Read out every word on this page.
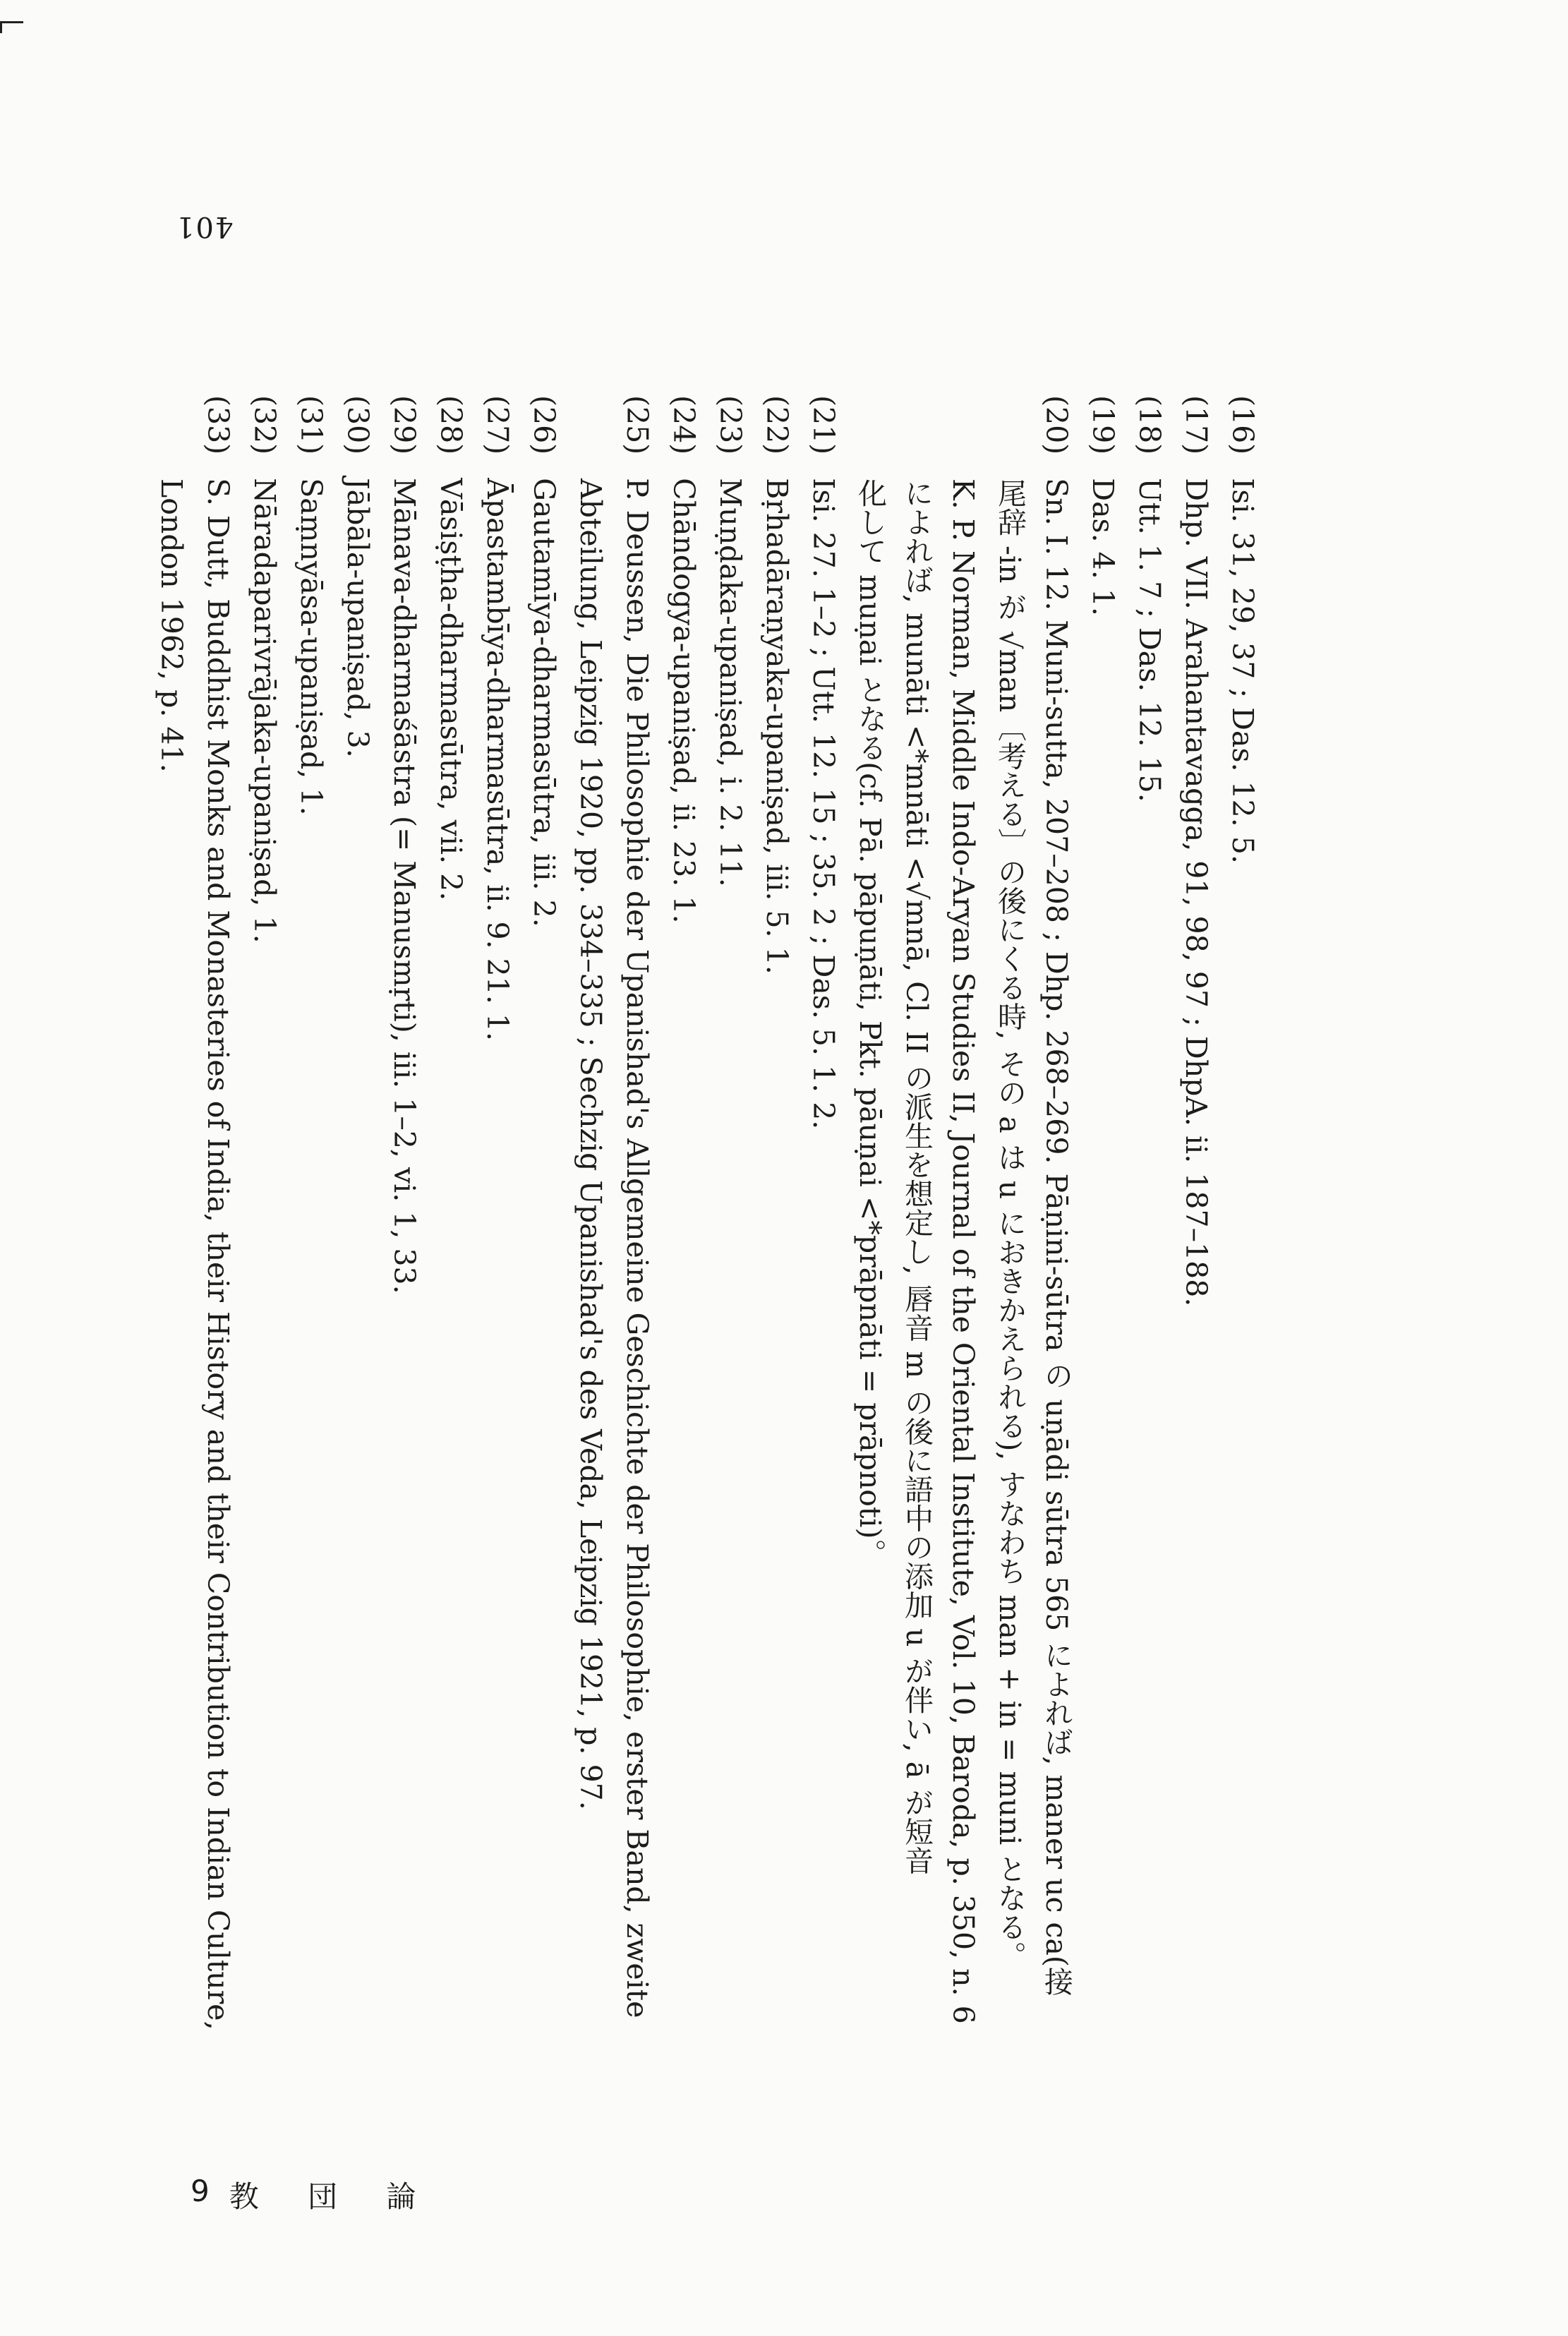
401
(16) Isi. 31, 29, 37 ; Das. 12. 5.
(17) Dhp. VII. Arahantavagga, 91, 98, 97 ; DhpA. ii. 187–188.
(18) Utt. 1. 7 ; Das. 12. 15.
(19) Das. 4. 1.
(20) Sn. I. 12. Muni-sutta, 207–208 ; Dhp. 268–269. Pāṇini-sūtra の uṇādi sūtra 565 によれば, maner uc ca(接
尾辞 -in が √man〔考える〕の後にくる時, その a は u におきかえられる), すなわち man + in = muni となる。
K. P. Norman, Middle Indo-Aryan Studies II, Journal of the Oriental Institute, Vol. 10, Baroda, p. 350, n. 6
によれば, munāti <*mnāti <√mnā, Cl. II の派生を想定し, 唇音 m の後に語中の添加 u が伴い, ā が短音
化して muṇai となる(cf. Pā. pāpuṇāti, Pkt. pāuṇai <*prāpnāti = prāpnoti)。
(21) Isi. 27. 1–2 ; Utt. 12. 15 ; 35. 2 ; Das. 5. 1. 2.
(22) Bṛhadāraṇyaka-upaniṣad, iii. 5. 1.
(23) Muṇḍaka-upaniṣad, i. 2. 11.
(24) Chāndogya-upaniṣad, ii. 23. 1.
(25) P. Deussen, Die Philosophie der Upanishad's Allgemeine Geschichte der Philosophie, erster Band, zweite
Abteilung, Leipzig 1920, pp. 334–335 ; Sechzig Upanishad's des Veda, Leipzig 1921, p. 97.
(26) Gautamīya-dharmasūtra, iii. 2.
(27) Āpastambīya-dharmasūtra, ii. 9. 21. 1.
(28) Vāsiṣṭha-dharmasūtra, vii. 2.
(29) Mānava-dharmaśāstra (= Manusmṛti), iii. 1–2, vi. 1, 33.
(30) Jābāla-upaniṣad, 3.
(31) Saṃnyāsa-upaniṣad, 1.
(32) Nāradaparivrājaka-upaniṣad, 1.
(33) S. Dutt, Buddhist Monks and Monasteries of India, their History and their Contribution to Indian Culture,
London 1962, p. 41.
9 教 団 論
